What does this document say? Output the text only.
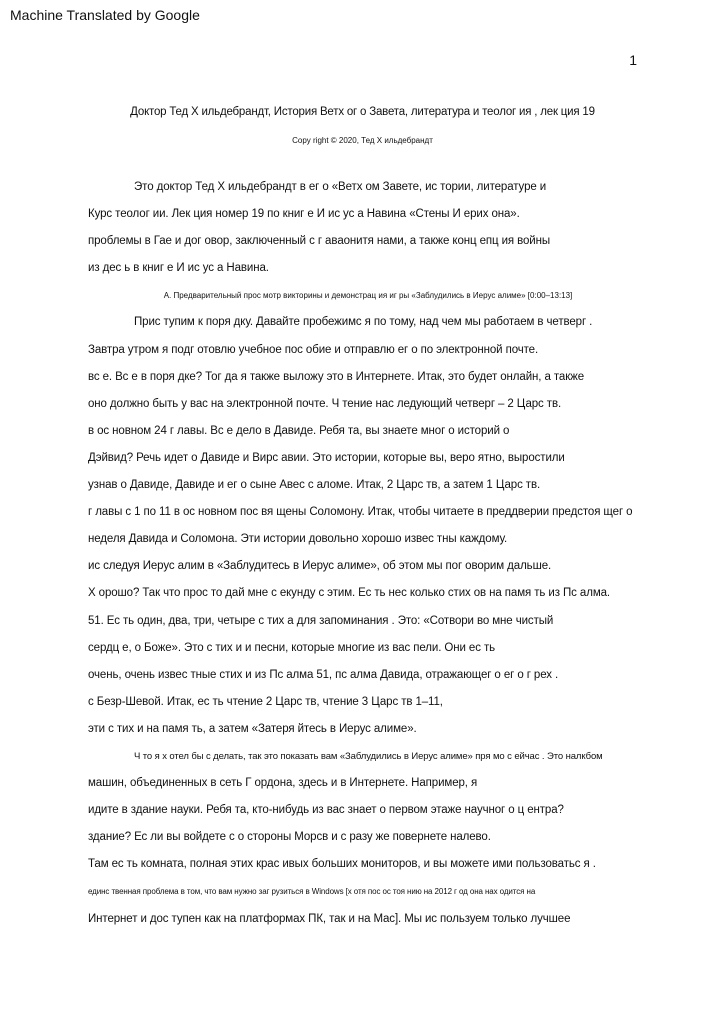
Machine Translated by Google
1
Доктор Тед Х ильдебрандт, История Ветх ог о Завета, литература и теолог ия , лек ция 19
Copy right © 2020, Тед Х ильдебрандт
Это доктор Тед Х ильдебрандт в ег о «Ветх ом Завете, ис тории, литературе и
Курс теолог ии. Лек ция номер 19 по книг е И ис ус а Навина «Стены И ерих она».
проблемы в Гае и дог овор, заключенный с г авaонитя нами, а также конц епц ия войны
из дес ь в книг е И ис ус а Навина.
А. Предварительный прос мотр викторины и демонстрац ия иг ры «Заблудились в Иерус алиме» [0:00–13:13]
Прис тупим к поря дку. Давайте пробежимс я по тому, над чем мы работаем в четверг .
Завтра утром я подг отовлю учебное пос обие и отправлю ег о по электронной почте.
вс е. Вс е в поря дке? Тог да я также выложу это в Интернете. Итак, это будет онлайн, а также
оно должно быть у вас на электронной почте. Ч тение нас ледующий четверг – 2 Царс тв.
в ос новном 24 г лавы. Вс е дело в Давиде. Ребя та, вы знаете мног о историй о
Дэйвид? Речь идет о Давиде и Вирс авии. Это истории, которые вы, веро ятно, выростили
узнав о Давиде, Давиде и ег о сыне Авес с аломе. Итак, 2 Царс тв, а затем 1 Царс тв.
г лавы с 1 по 11 в ос новном пос вя щены Соломону. Итак, чтобы читаете в преддверии предстоя щег о
неделя Давида и Соломона. Эти истории довольно хорошо извес тны каждому.
ис следуя Иерус алим в «Заблудитесь в Иерус алиме», об этом мы пог оворим дальше.
Х орошо? Так что прос то дай мне с екунду с этим. Ес ть нес колько стих ов на памя ть из Пс алма.
51. Ес ть один, два, три, четыре с тих а для запоминания . Это: «Сотвори во мне чистый
сердц е, о Боже». Это с тих и и песни, которые многие из вас пели. Они ес ть
очень, очень извес тные стих и из Пс алма 51, пс алма Давида, отражающег о ег о г рех .
с Безр-Шевой. Итак, ес ть чтение 2 Царс тв, чтение 3 Царс тв 1–11,
эти с тих и на памя ть, а затем «Затеря йтесь в Иерус алиме».
Ч то я х отел бы с делать, так это показать вам «Заблудились в Иерус алиме» пря мо с ейчас . Это налкбом
машин, объединенных в сеть Г ордона, здесь и в Интернете. Например, я
идите в здание науки. Ребя та, кто-нибудь из вас знает о первом этаже научног о ц ентра?
здание? Ес ли вы войдете с о стороны Морсв и с разу же повернете налево.
Там ес ть комната, полная этих крас ивых больших мониторов, и вы можете ими пользоватьс я .
единс твенная проблема в том, что вам нужно заг рузиться в Windows [х отя пос ос тоя нию на 2012 г од она нах одится на
Интернет и дос тупен как на платформах ПК, так и на Mac]. Мы ис пользуем только лучшее
